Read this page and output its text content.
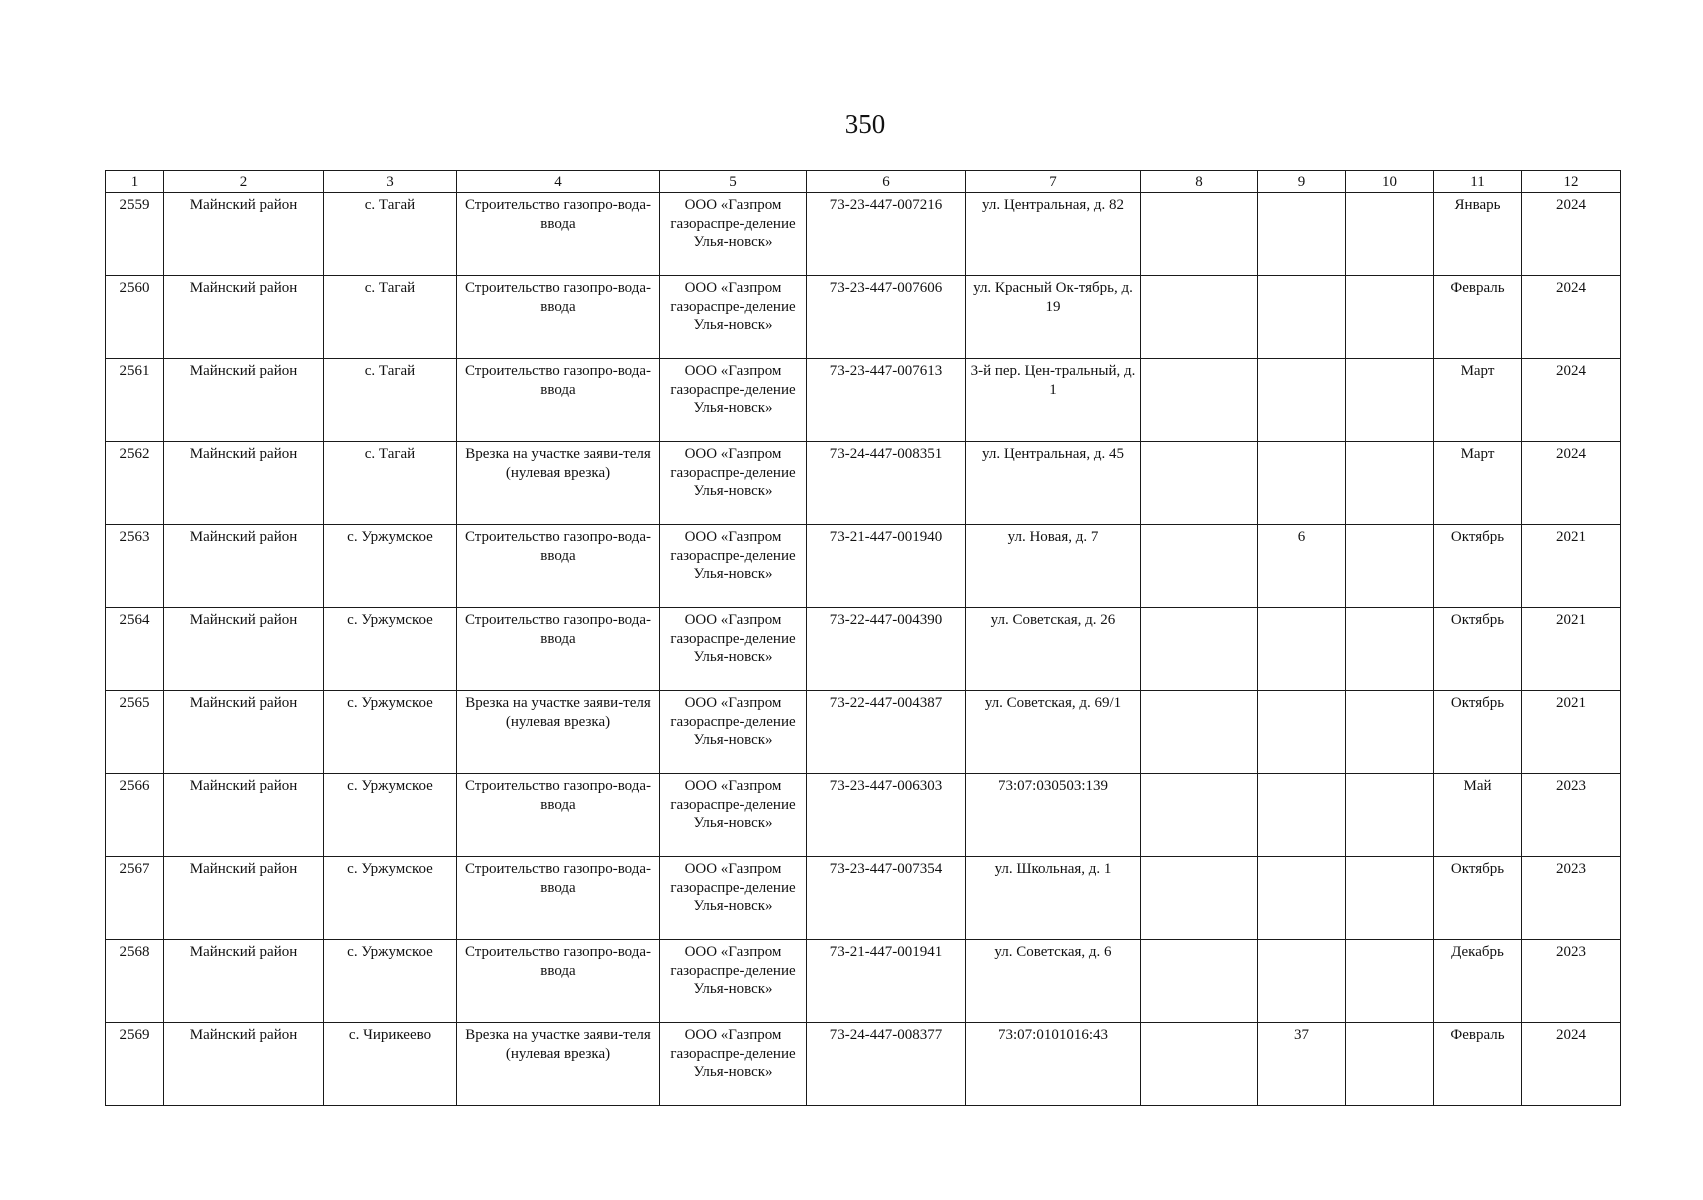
350
1	2	3	4	5	6	7	8	9	10	11	12
2559	Майнский район	с. Тагай	Строительство газопро-вода-ввода	ООО «Газпром газораспре-деление Улья-новск»	73-23-447-007216	ул. Центральная, д. 82				Январь	2024
2560	Майнский район	с. Тагай	Строительство газопро-вода-ввода	ООО «Газпром газораспре-деление Улья-новск»	73-23-447-007606	ул. Красный Ок-тябрь, д. 19				Февраль	2024
2561	Майнский район	с. Тагай	Строительство газопро-вода-ввода	ООО «Газпром газораспре-деление Улья-новск»	73-23-447-007613	3-й пер. Цен-тральный, д. 1				Март	2024
2562	Майнский район	с. Тагай	Врезка на участке заяви-теля (нулевая врезка)	ООО «Газпром газораспре-деление Улья-новск»	73-24-447-008351	ул. Центральная, д. 45				Март	2024
2563	Майнский район	с. Уржумское	Строительство газопро-вода-ввода	ООО «Газпром газораспре-деление Улья-новск»	73-21-447-001940	ул. Новая, д. 7		6		Октябрь	2021
2564	Майнский район	с. Уржумское	Строительство газопро-вода-ввода	ООО «Газпром газораспре-деление Улья-новск»	73-22-447-004390	ул. Советская, д. 26				Октябрь	2021
2565	Майнский район	с. Уржумское	Врезка на участке заяви-теля (нулевая врезка)	ООО «Газпром газораспре-деление Улья-новск»	73-22-447-004387	ул. Советская, д. 69/1				Октябрь	2021
2566	Майнский район	с. Уржумское	Строительство газопро-вода-ввода	ООО «Газпром газораспре-деление Улья-новск»	73-23-447-006303	73:07:030503:139				Май	2023
2567	Майнский район	с. Уржумское	Строительство газопро-вода-ввода	ООО «Газпром газораспре-деление Улья-новск»	73-23-447-007354	ул. Школьная, д. 1				Октябрь	2023
2568	Майнский район	с. Уржумское	Строительство газопро-вода-ввода	ООО «Газпром газораспре-деление Улья-новск»	73-21-447-001941	ул. Советская, д. 6				Декабрь	2023
2569	Майнский район	с. Чирикеево	Врезка на участке заяви-теля (нулевая врезка)	ООО «Газпром газораспре-деление Улья-новск»	73-24-447-008377	73:07:0101016:43		37		Февраль	2024
